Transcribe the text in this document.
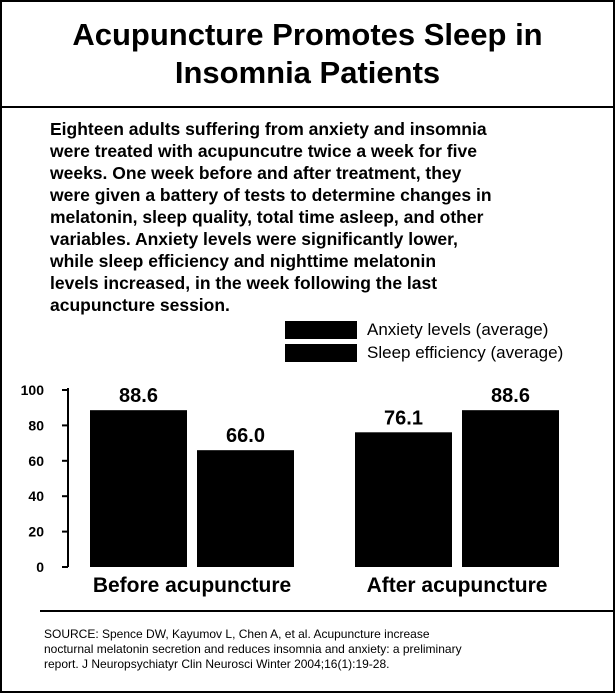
Acupuncture Promotes Sleep in
Insomnia Patients

Eighteen adults suffering from anxiety and insomnia
were treated with acupuncutre twice a week for five
weeks. One week before and after treatment, they
were given a battery of tests to determine changes in
melatonin, sleep quality, total time asleep, and other
variables. Anxiety levels were significantly lower,
while sleep efficiency and nighttime melatonin
levels increased, in the week following the last
acupuncture session.

Anxiety levels (average)
Sleep efficiency (average)
0
20
40
60
80
100	88.6
66.0
Before acupuncture
76.1
88.6
After acupuncture

SOURCE: Spence DW, Kayumov L, Chen A, et al. Acupuncture increase
nocturnal melatonin secretion and reduces insomnia and anxiety: a preliminary
report. J Neuropsychiatyr Clin Neurosci Winter 2004;16(1):19-28.
